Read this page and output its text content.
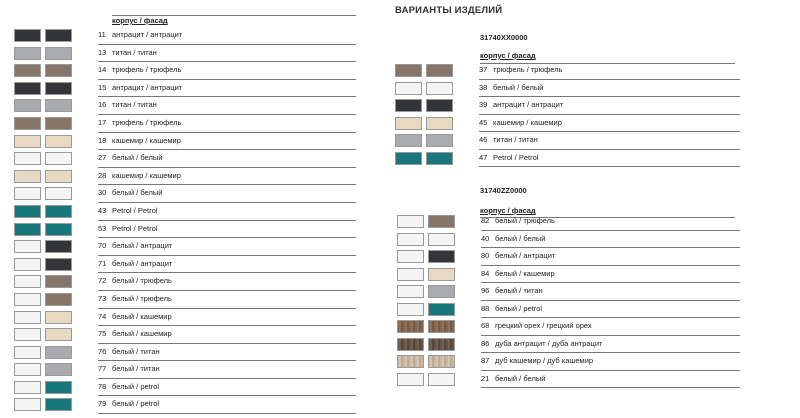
корпус / фасад
11 антрацит / антрацит
13 титан / титан
14 трюфель / трюфель
15 антрацит / антрацит
16 титан / титан
17 трюфель / трюфель
18 кашемир / кашемир
27 белый / белый
28 кашемир / кашемир
30 белый / белый
43 Petrol / Petrol
53 Petrol / Petrol
70 белый / антрацит
71 белый / антрацит
72 белый / трюфель
73 белый / трюфель
74 белый / кашемир
75 белый / кашемир
76 белый / титан
77 белый / титан
78 белый / petrol
79 белый / petrol
ВАРИАНТЫ ИЗДЕЛИЙ
31740XX0000
корпус / фасад
37 трюфель / трюфель
38 белый / белый
39 антрацит / антрацит
45 кашемир / кашемир
46 титан / титан
47 Petrol / Petrol
31740ZZ0000
корпус / фасад
82 белый / трюфель
40 белый / белый
80 белый / антрацит
84 белый / кашемир
96 белый / титан
88 белый / petrol
68 грецкий орех / грецкий орех
86 дуба антрацит / дуба антрацит
87 дуб кашемир / дуб кашемир
21 белый / белый
